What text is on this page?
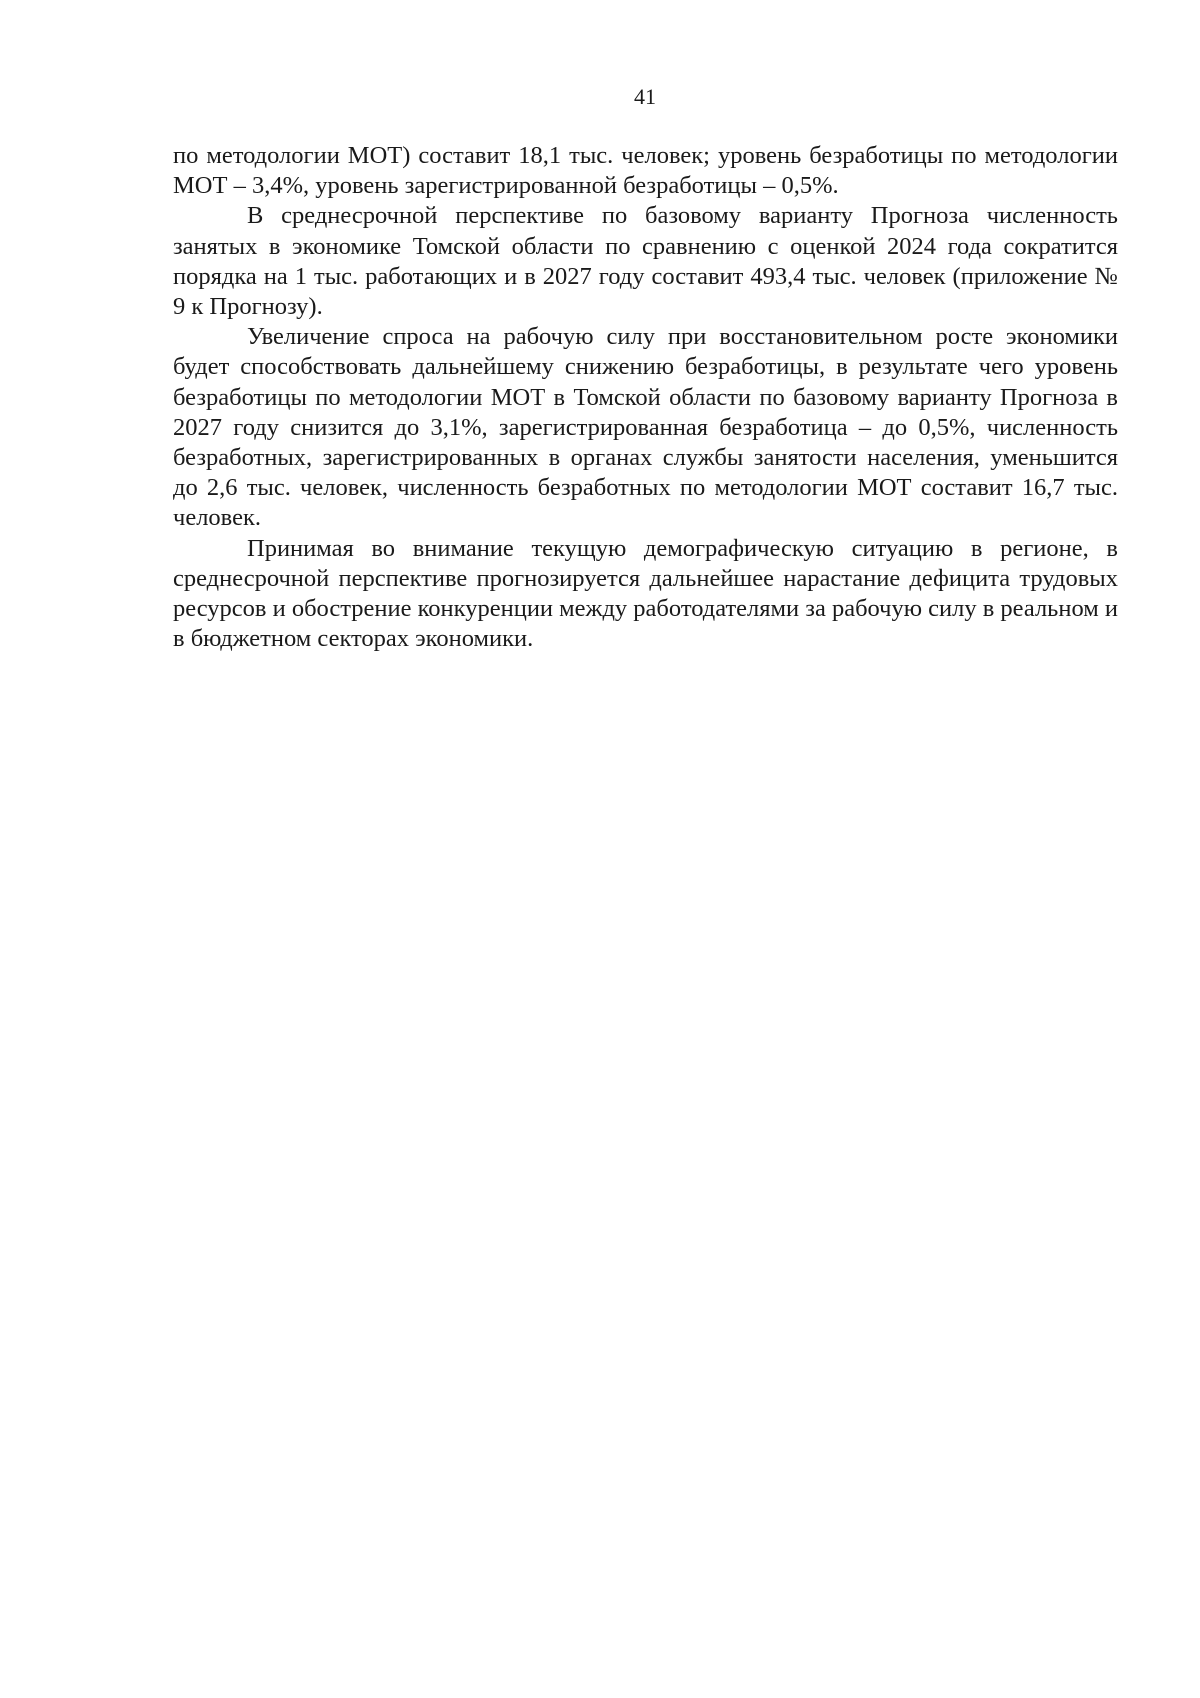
41

по методологии МОТ) составит 18,1 тыс. человек; уровень безработицы по методологии МОТ – 3,4%, уровень зарегистрированной безработицы – 0,5%.

В среднесрочной перспективе по базовому варианту Прогноза численность занятых в экономике Томской области по сравнению с оценкой 2024 года сократится порядка на 1 тыс. работающих и в 2027 году составит 493,4 тыс. человек (приложение № 9 к Прогнозу).

Увеличение спроса на рабочую силу при восстановительном росте экономики будет способствовать дальнейшему снижению безработицы, в результате чего уровень безработицы по методологии МОТ в Томской области по базовому варианту Прогноза в 2027 году снизится до 3,1%, зарегистрированная безработица – до 0,5%, численность безработных, зарегистрированных в органах службы занятости населения, уменьшится до 2,6 тыс. человек, численность безработных по методологии МОТ составит 16,7 тыс. человек.

Принимая во внимание текущую демографическую ситуацию в регионе, в среднесрочной перспективе прогнозируется дальнейшее нарастание дефицита трудовых ресурсов и обострение конкуренции между работодателями за рабочую силу в реальном и в бюджетном секторах экономики.
